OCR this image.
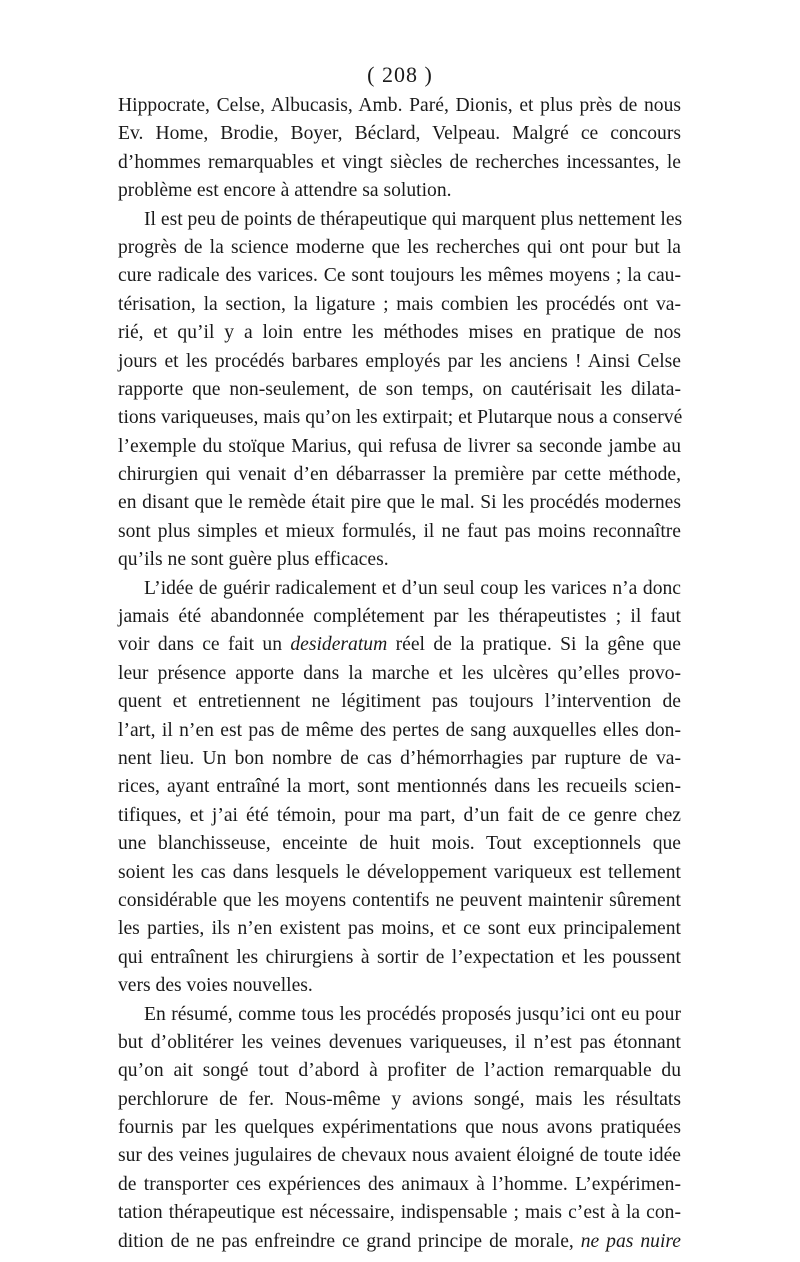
( 208 )
Hippocrate, Celse, Albucasis, Amb. Paré, Dionis, et plus près de nous
Ev. Home, Brodie, Boyer, Béclard, Velpeau. Malgré ce concours
d’hommes remarquables et vingt siècles de recherches incessantes, le
problème est encore à attendre sa solution.
Il est peu de points de thérapeutique qui marquent plus nettement les
progrès de la science moderne que les recherches qui ont pour but la
cure radicale des varices. Ce sont toujours les mêmes moyens ; la cau-
térisation, la section, la ligature ; mais combien les procédés ont va-
rié, et qu’il y a loin entre les méthodes mises en pratique de nos
jours et les procédés barbares employés par les anciens ! Ainsi Celse
rapporte que non-seulement, de son temps, on cautérisait les dilata-
tions variqueuses, mais qu’on les extirpait; et Plutarque nous a conservé
l’exemple du stoïque Marius, qui refusa de livrer sa seconde jambe au
chirurgien qui venait d’en débarrasser la première par cette méthode,
en disant que le remède était pire que le mal. Si les procédés modernes
sont plus simples et mieux formulés, il ne faut pas moins reconnaître
qu’ils ne sont guère plus efficaces.
L’idée de guérir radicalement et d’un seul coup les varices n’a donc
jamais été abandonnée complétement par les thérapeutistes ; il faut
voir dans ce fait un desideratum réel de la pratique. Si la gêne que
leur présence apporte dans la marche et les ulcères qu’elles provo-
quent et entretiennent ne légitiment pas toujours l’intervention de
l’art, il n’en est pas de même des pertes de sang auxquelles elles don-
nent lieu. Un bon nombre de cas d’hémorrhagies par rupture de va-
rices, ayant entraîné la mort, sont mentionnés dans les recueils scien-
tifiques, et j’ai été témoin, pour ma part, d’un fait de ce genre chez
une blanchisseuse, enceinte de huit mois. Tout exceptionnels que
soient les cas dans lesquels le développement variqueux est tellement
considérable que les moyens contentifs ne peuvent maintenir sûrement
les parties, ils n’en existent pas moins, et ce sont eux principalement
qui entraînent les chirurgiens à sortir de l’expectation et les poussent
vers des voies nouvelles.
En résumé, comme tous les procédés proposés jusqu’ici ont eu pour
but d’oblitérer les veines devenues variqueuses, il n’est pas étonnant
qu’on ait songé tout d’abord à profiter de l’action remarquable du
perchlorure de fer. Nous-même y avions songé, mais les résultats
fournis par les quelques expérimentations que nous avons pratiquées
sur des veines jugulaires de chevaux nous avaient éloigné de toute idée
de transporter ces expériences des animaux à l’homme. L’expérimen-
tation thérapeutique est nécessaire, indispensable ; mais c’est à la con-
dition de ne pas enfreindre ce grand principe de morale, ne pas nuire
